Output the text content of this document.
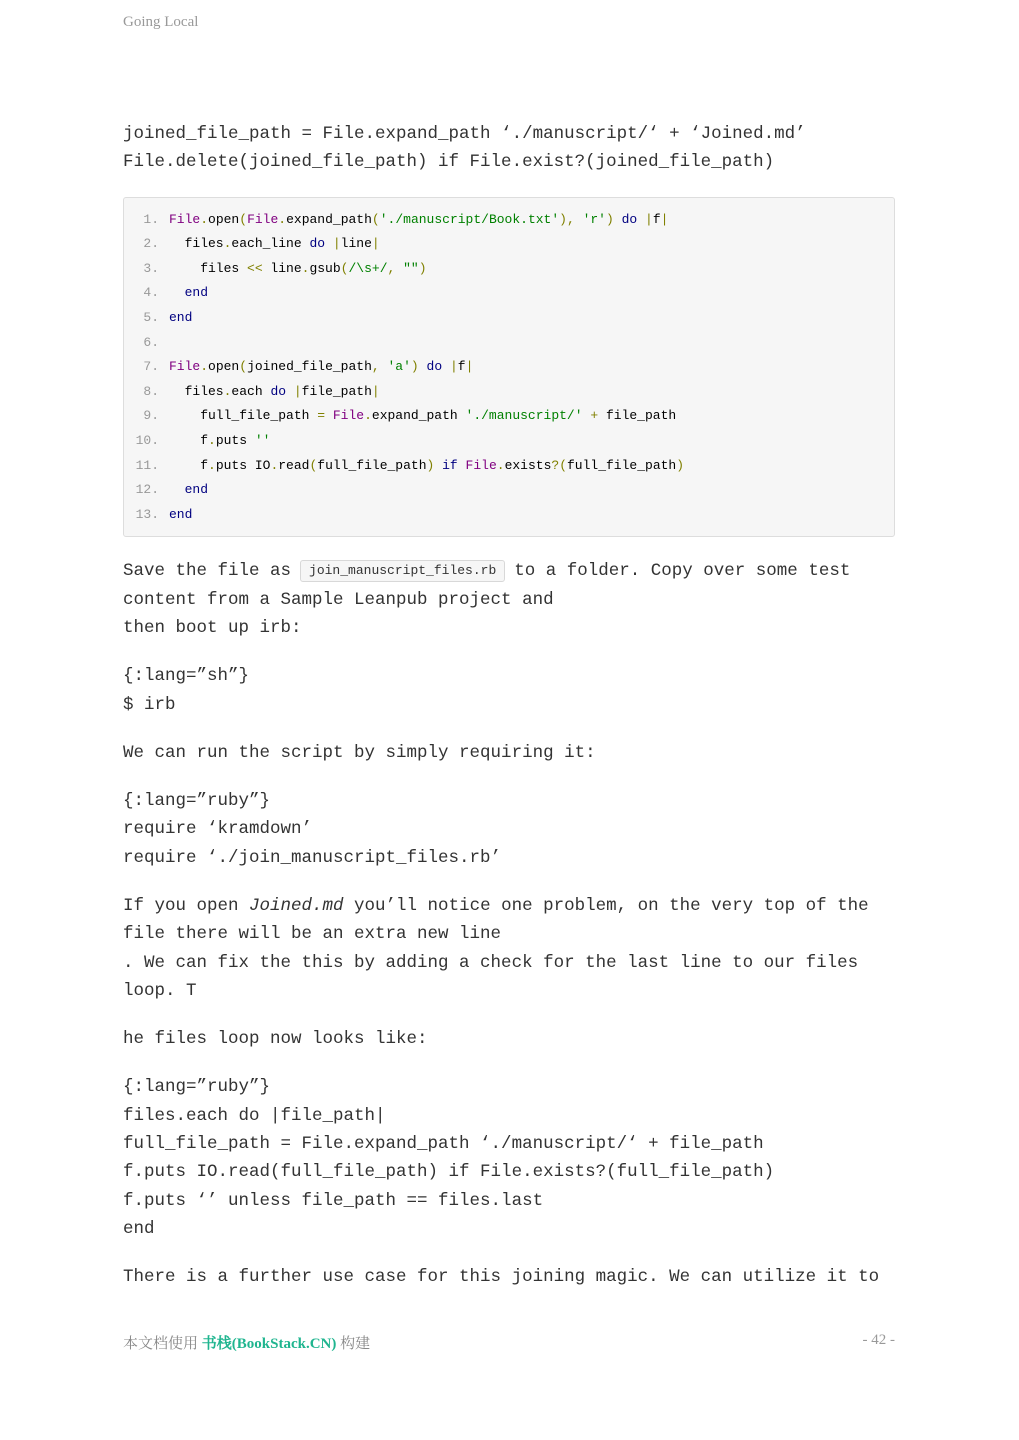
Going Local

joined_file_path = File.expand_path ‘./manuscript/‘ + ‘Joined.md’
File.delete(joined_file_path) if File.exist?(joined_file_path)

1. File.open(File.expand_path('./manuscript/Book.txt'), 'r') do |f|
2. files.each_line do |line|
3. files << line.gsub(/\s+/, "")
4.	end
5. end
6.
7. File.open(joined_file_path, 'a') do |f|
8. files.each do |file_path|
9. full_file_path = File.expand_path './manuscript/' + file_path
10. f.puts ''
11. f.puts IO.read(full_file_path) if File.exists?(full_file_path)
12.	end
13. end

Save the file as join_manuscript_files.rb to a folder. Copy over some test
content from a Sample Leanpub project and
then boot up irb:

{:lang=”sh”}
$ irb

We can run the script by simply requiring it:

{:lang=”ruby”}
require ‘kramdown’
require ‘./join_manuscript_files.rb’

If you open Joined.md you’ll notice one problem, on the very top of the
file there will be an extra new line
. We can fix the this by adding a check for the last line to our files
loop. T

he files loop now looks like:

{:lang=”ruby”}
files.each do |file_path|
full_file_path = File.expand_path ‘./manuscript/‘ + file_path
f.puts IO.read(full_file_path) if File.exists?(full_file_path)
f.puts ‘’ unless file_path == files.last
end

There is a further use case for this joining magic. We can utilize it to

本文档使用 书栈(BookStack.CN) 构建	- 42 -
